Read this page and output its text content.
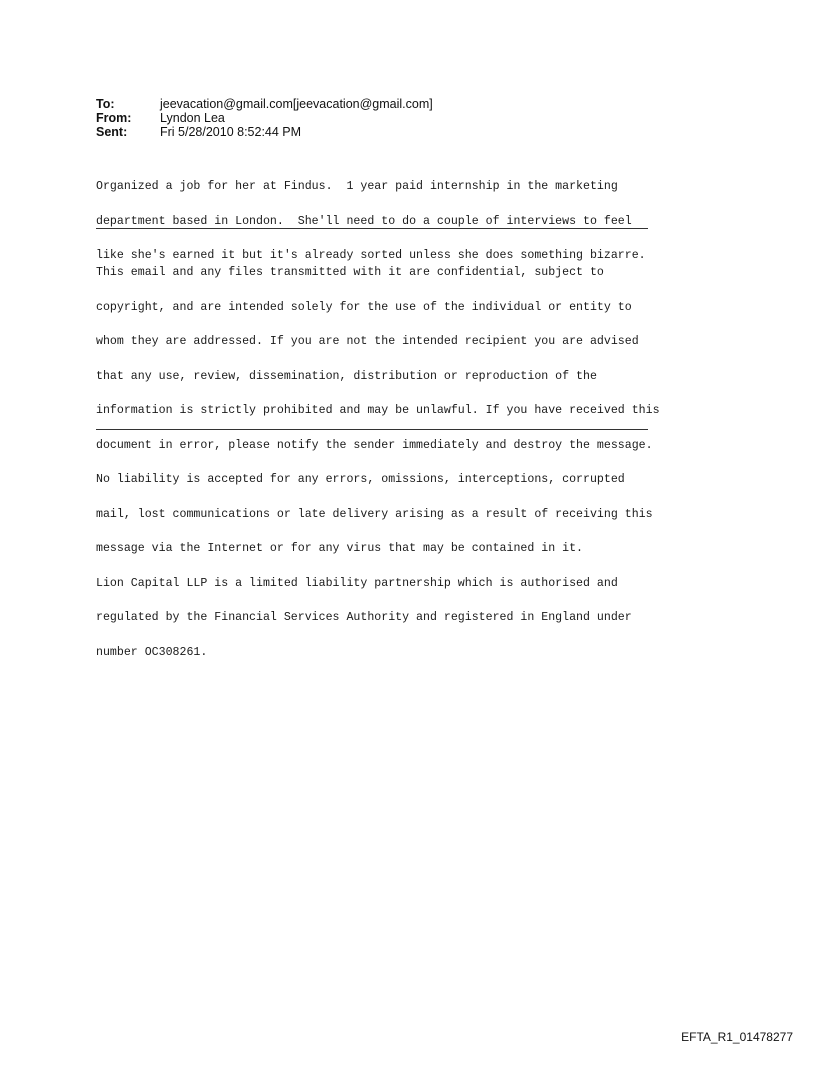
To:	jeevacation@gmail.com[jeevacation@gmail.com]
From:	Lyndon Lea
Sent:	Fri 5/28/2010 8:52:44 PM

Organized a job for her at Findus.  1 year paid internship in the marketing

department based in London.  She'll need to do a couple of interviews to feel

like she's earned it but it's already sorted unless she does something bizarre.

This email and any files transmitted with it are confidential, subject to

copyright, and are intended solely for the use of the individual or entity to

whom they are addressed. If you are not the intended recipient you are advised

that any use, review, dissemination, distribution or reproduction of the

information is strictly prohibited and may be unlawful. If you have received this

document in error, please notify the sender immediately and destroy the message.

No liability is accepted for any errors, omissions, interceptions, corrupted

mail, lost communications or late delivery arising as a result of receiving this

message via the Internet or for any virus that may be contained in it.

Lion Capital LLP is a limited liability partnership which is authorised and

regulated by the Financial Services Authority and registered in England under

number OC308261.

EFTA_R1_01478277
